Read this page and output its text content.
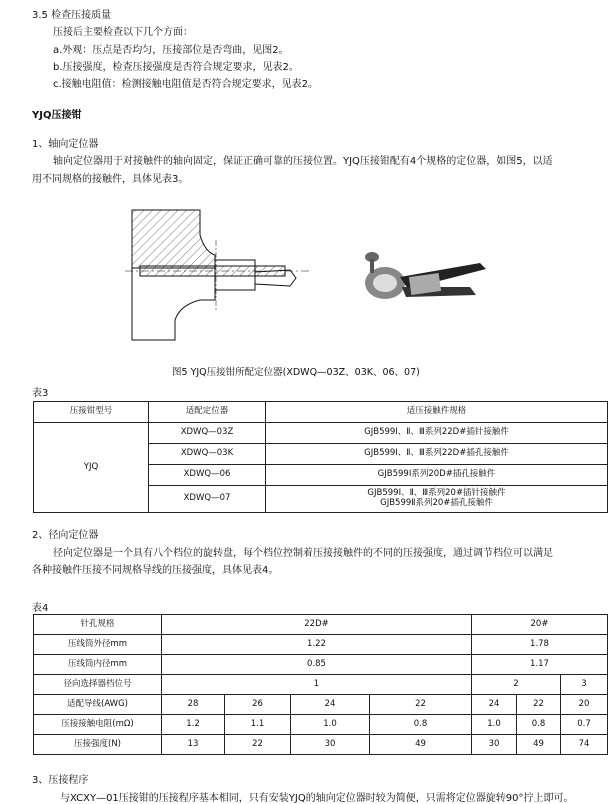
3.5 检查压接质量
压接后主要检查以下几个方面：
a.外观：压点是否均匀，压接部位是否弯曲，见图2。
b.压接强度，检查压接强度是否符合规定要求，见表2。
c.接触电阻值：检测接触电阻值是否符合规定要求，见表2。
YJQ压接钳
1、轴向定位器
轴向定位器用于对接触件的轴向固定，保证正确可靠的压接位置。YJQ压接钳配有4个规格的定位器，如图5，以适
用不同规格的接触件，具体见表3。
图5 YJQ压接钳所配定位器(XDWQ—03Z、03K、06、07)
表3
压接钳型号	适配定位器	适压接触件规格
YJQ	XDWQ—03Z	GJB599Ⅰ、Ⅱ、Ⅲ系列22D#插针接触件
	XDWQ—03K	GJB599Ⅰ、Ⅱ、Ⅲ系列22D#插孔接触件
	XDWQ—06	GJB599Ⅰ系列20D#插孔接触件
	XDWQ—07	GJB599Ⅰ、Ⅱ、Ⅲ系列20#插针接触件
GJB599Ⅱ系列20#插孔接触件
2、径向定位器
径向定位器是一个具有八个档位的旋转盘，每个档位控制着压接接触件的不同的压接强度，通过调节档位可以满足
各种接触件压接不同规格导线的压接强度，具体见表4。
表4
针孔规格	22D#				20#		
压线筒外径mm	1.22				1.78		
压线筒内径mm	0.85				1.17		
径向选择器档位号	1				2		3
适配导线(AWG)	28	26	24	22	24	22	20
压接接触电阻(mΩ)	1.2	1.1	1.0	0.8	1.0	0.8	0.7
压接强度(N)	13	22	30	49	30	49	74
3、压接程序
与XCXY—01压接钳的压接程序基本相同，只有安装YJQ的轴向定位器时较为简便，只需将定位器旋转90°拧上即可。
